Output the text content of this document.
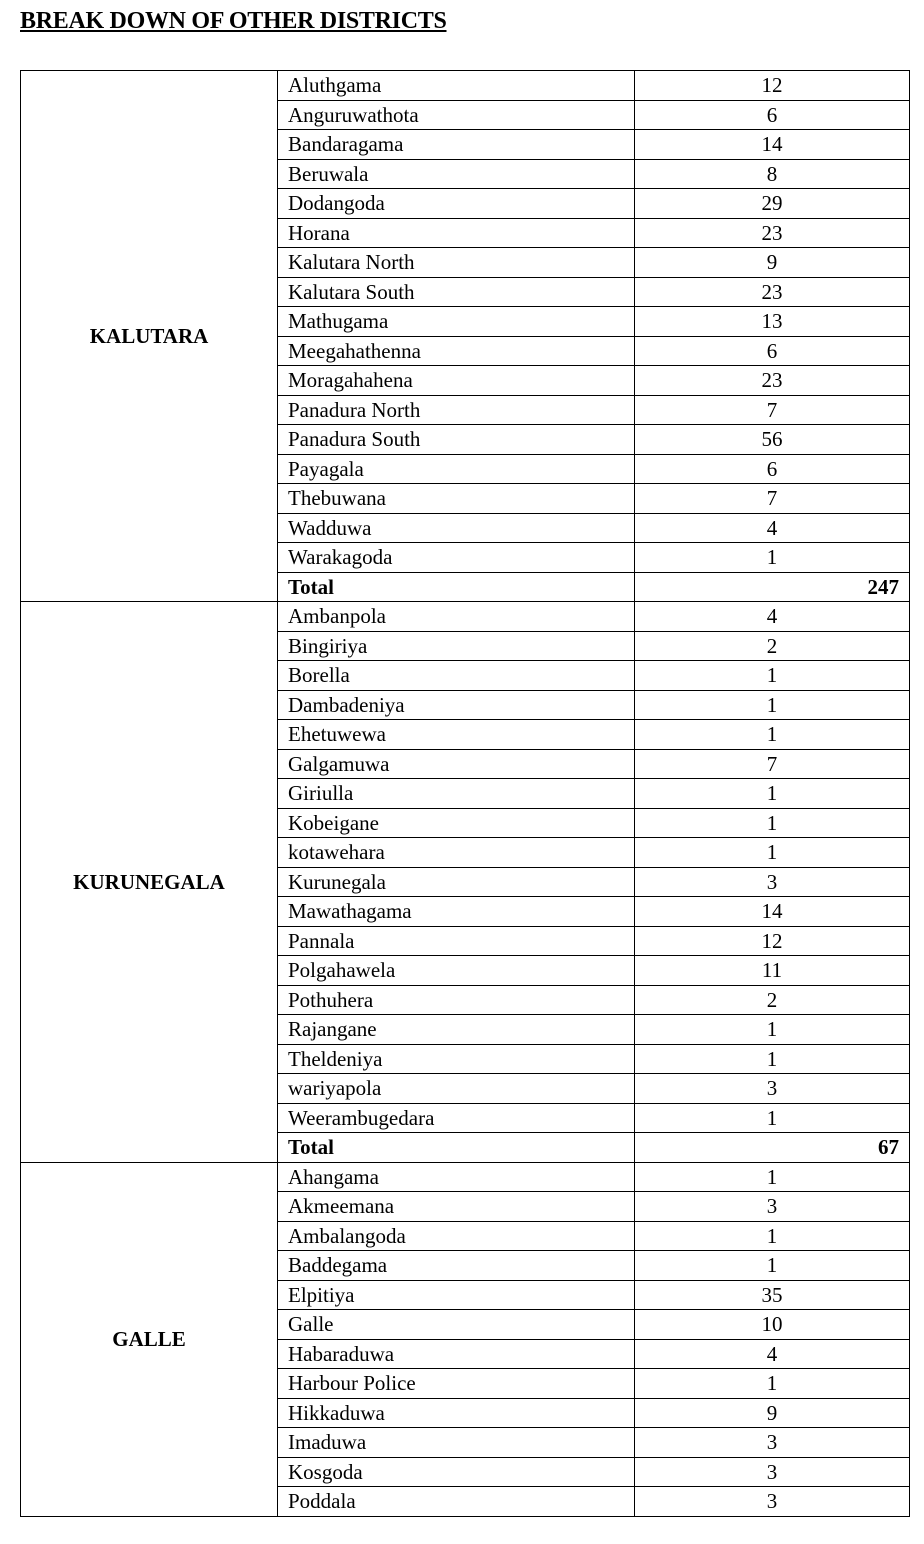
BREAK DOWN OF OTHER DISTRICTS
KALUTARA	Aluthgama	12
	Anguruwathota	6
	Bandaragama	14
	Beruwala	8
	Dodangoda	29
	Horana	23
	Kalutara North	9
	Kalutara South	23
	Mathugama	13
	Meegahathenna	6
	Moragahahena	23
	Panadura North	7
	Panadura South	56
	Payagala	6
	Thebuwana	7
	Wadduwa	4
	Warakagoda	1
	Total	247
KURUNEGALA	Ambanpola	4
	Bingiriya	2
	Borella	1
	Dambadeniya	1
	Ehetuwewa	1
	Galgamuwa	7
	Giriulla	1
	Kobeigane	1
	kotawehara	1
	Kurunegala	3
	Mawathagama	14
	Pannala	12
	Polgahawela	11
	Pothuhera	2
	Rajangane	1
	Theldeniya	1
	wariyapola	3
	Weerambugedara	1
	Total	67
GALLE	Ahangama	1
	Akmeemana	3
	Ambalangoda	1
	Baddegama	1
	Elpitiya	35
	Galle	10
	Habaraduwa	4
	Harbour Police	1
	Hikkaduwa	9
	Imaduwa	3
	Kosgoda	3
	Poddala	3
